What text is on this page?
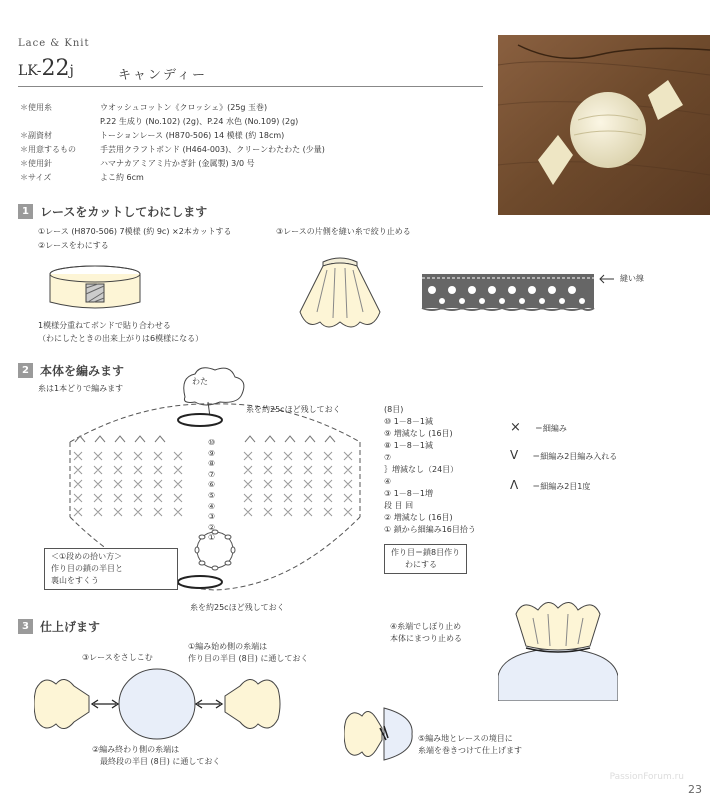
Lace & Knit
LK-22j	キャンディー
＊使用糸	ウオッシュコットン《クロッシェ》(25g 玉巻)
P.22 生成り (No.102) (2g)、P.24 水色 (No.109) (2g)
＊副資材	トーションレース (H870-506) 14 模様 (約 18cm)
＊用意するもの	手芸用クラフトボンド (H464-003)、クリーンわたわた (少量)
＊使用針	ハマナカアミアミ片かぎ針 (金属製) 3/0 号
＊サイズ	よこ約 6cm
1 レースをカットしてわにします
①レース (H870-506) 7模様 (約 9c) ×2本カットする
②レースをわにする
③レースの片側を縫い糸で絞り止める
1模様分重ねてボンドで貼り合わせる
（わにしたときの出来上がりは6模様になる）
縫い線
2 本体を編みます
糸は1本どりで編みます
わた
糸を約25cほど残しておく
糸を約25cほど残しておく
⑩
⑨
⑧
⑦
⑥
⑤
④
③
②
①
＜①段めの拾い方＞
作り目の鎖の半目と
裏山をすくう
(8目)
⑩ 1－8－1減
⑨ 増減なし (16目)
⑧ 1－8－1減
⑦
｝増減なし（24目）
④
③ 1－8－1増
段 目 回
② 増減なし (16目)
① 鎖から細編み16目拾う
作り目＝鎖8目作り
わにする
× ＝細編み
V ＝細編み2目編み入れる
Λ ＝細編み2目1度
3 仕上げます
③レースをさしこむ
①編み始め側の糸端は
作り目の半目 (8目) に通しておく
②編み終わり側の糸端は
最終段の半目 (8目) に通しておく
④糸端でしぼり止め
本体にまつり止める
⑤編み地とレースの境目に
糸端を巻きつけて仕上げます
PassionForum.ru
23
